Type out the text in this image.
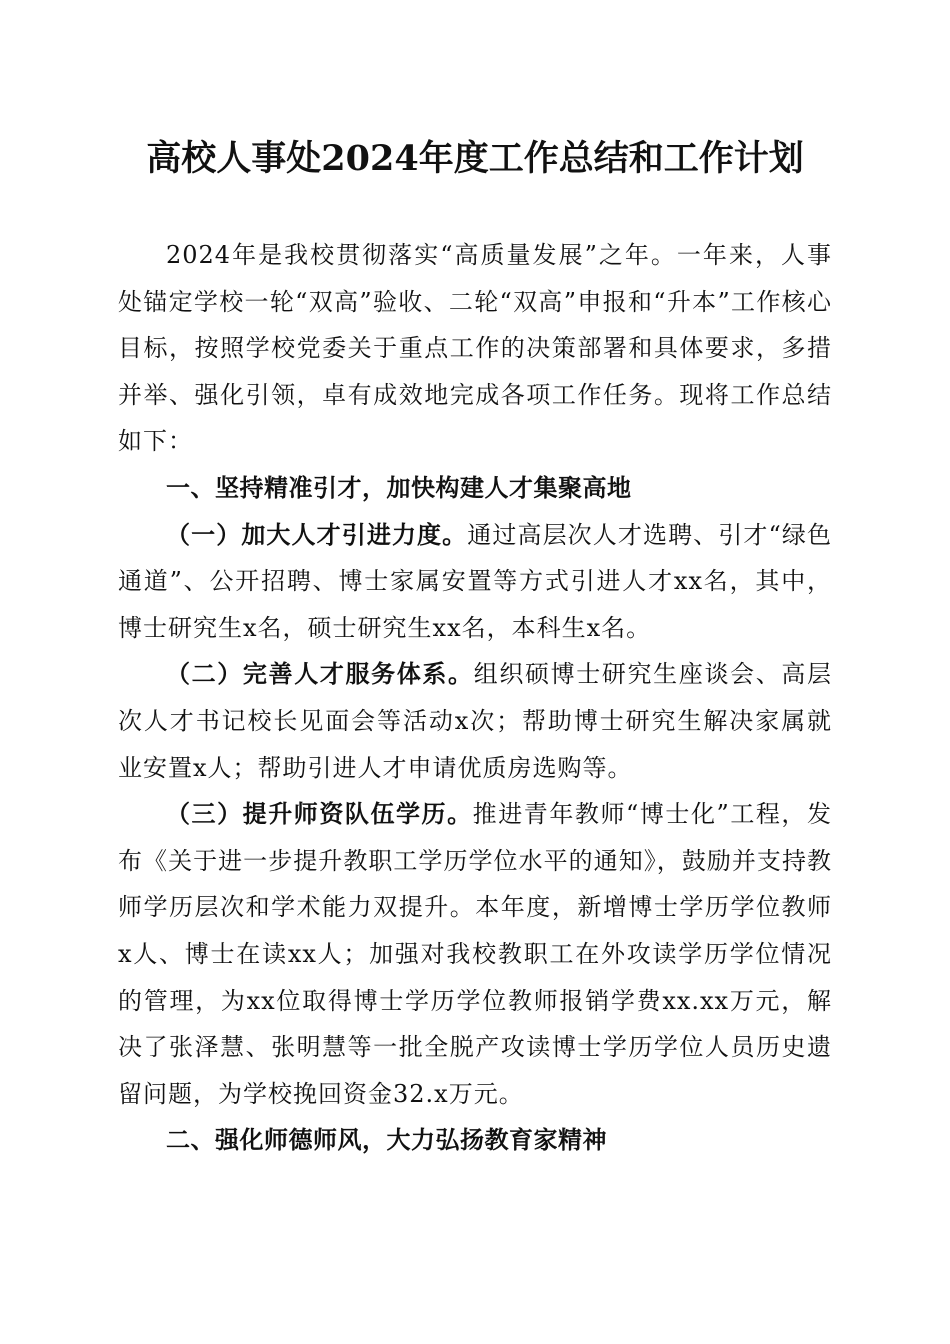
高校人事处2024年度工作总结和工作计划

2024年是我校贯彻落实“高质量发展”之年。一年来，人事处锚定学校一轮“双高”验收、二轮“双高”申报和“升本”工作核心目标，按照学校党委关于重点工作的决策部署和具体要求，多措并举、强化引领，卓有成效地完成各项工作任务。现将工作总结如下：

一、坚持精准引才，加快构建人才集聚高地

（一）加大人才引进力度。通过高层次人才选聘、引才“绿色通道”、公开招聘、博士家属安置等方式引进人才xx名，其中，博士研究生x名，硕士研究生xx名，本科生x名。

（二）完善人才服务体系。组织硕博士研究生座谈会、高层次人才书记校长见面会等活动x次；帮助博士研究生解决家属就业安置x人；帮助引进人才申请优质房选购等。

（三）提升师资队伍学历。推进青年教师“博士化”工程，发布《关于进一步提升教职工学历学位水平的通知》，鼓励并支持教师学历层次和学术能力双提升。本年度，新增博士学历学位教师x人、博士在读xx人；加强对我校教职工在外攻读学历学位情况的管理，为xx位取得博士学历学位教师报销学费xx.xx万元，解决了张泽慧、张明慧等一批全脱产攻读博士学历学位人员历史遗留问题，为学校挽回资金32.x万元。

二、强化师德师风，大力弘扬教育家精神
